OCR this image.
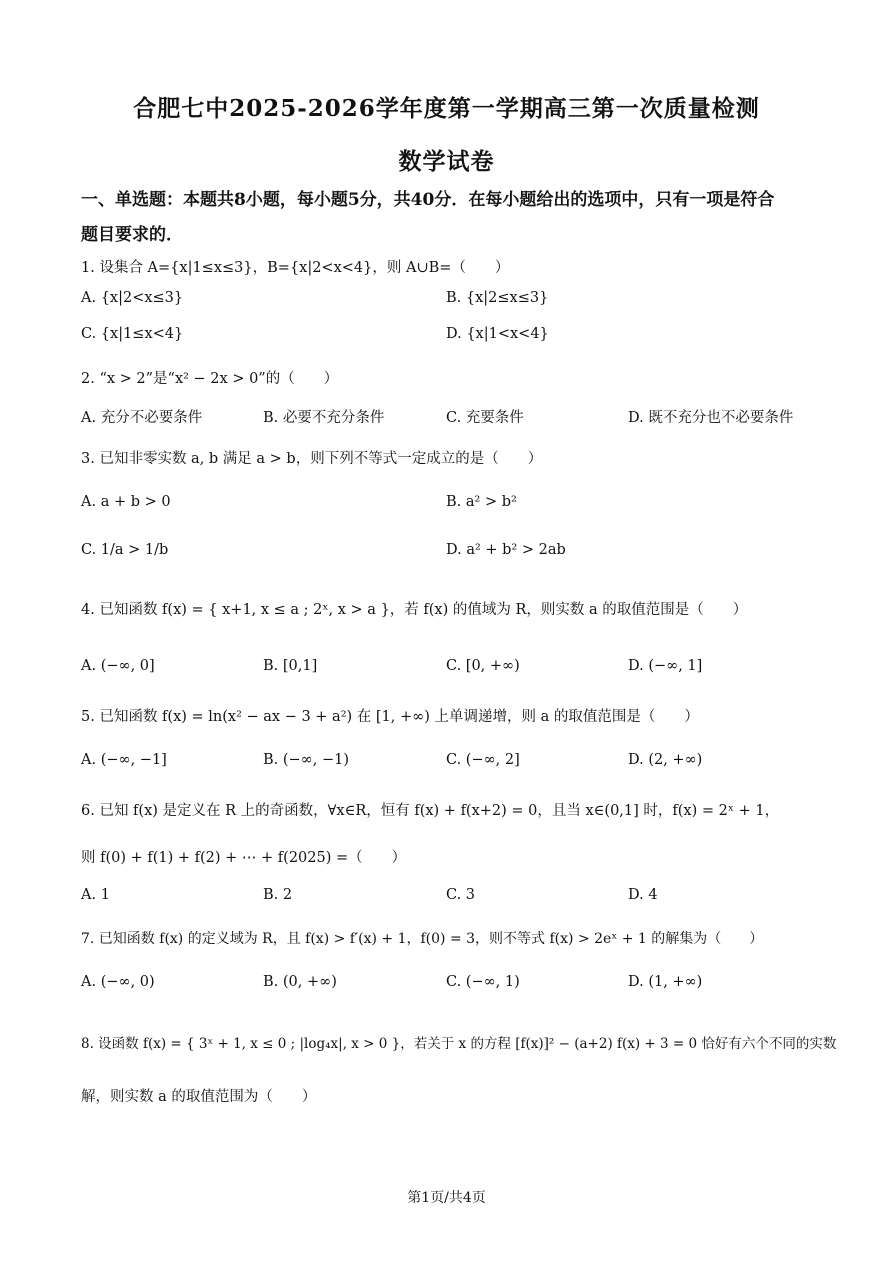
合肥七中2025-2026学年度第一学期高三第一次质量检测
数学试卷
一、单选题：本题共8小题，每小题5分，共40分．在每小题给出的选项中，只有一项是符合
题目要求的．
1. 设集合 A={x|1≤x≤3}，B={x|2<x<4}，则 A∪B=（　　）
A. {x|2<x≤3}	B. {x|2≤x≤3}
C. {x|1≤x<4}	D. {x|1<x<4}
2. “x > 2”是“x² − 2x > 0”的（　　）
A. 充分不必要条件	B. 必要不充分条件	C. 充要条件	D. 既不充分也不必要条件
3. 已知非零实数 a, b 满足 a > b，则下列不等式一定成立的是（　　）
A. a + b > 0	B. a² > b²
C. 1/a > 1/b	D. a² + b² > 2ab
4. 已知函数 f(x) = { x+1, x ≤ a ; 2ˣ, x > a }，若 f(x) 的值域为 R，则实数 a 的取值范围是（　　）
A. (−∞, 0]	B. [0,1]	C. [0, +∞)	D. (−∞, 1]
5. 已知函数 f(x) = ln(x² − ax − 3 + a²) 在 [1, +∞) 上单调递增，则 a 的取值范围是（　　）
A. (−∞, −1]	B. (−∞, −1)	C. (−∞, 2]	D. (2, +∞)
6. 已知 f(x) 是定义在 R 上的奇函数，∀x∈R，恒有 f(x) + f(x+2) = 0，且当 x∈(0,1] 时，f(x) = 2ˣ + 1，
则 f(0) + f(1) + f(2) + ⋯ + f(2025) =（　　）
A. 1	B. 2	C. 3	D. 4
7. 已知函数 f(x) 的定义域为 R，且 f(x) > f′(x) + 1，f(0) = 3，则不等式 f(x) > 2eˣ + 1 的解集为（　　）
A. (−∞, 0)	B. (0, +∞)	C. (−∞, 1)	D. (1, +∞)
8. 设函数 f(x) = { 3ˣ + 1, x ≤ 0 ; |log₄x|, x > 0 }，若关于 x 的方程 [f(x)]² − (a+2) f(x) + 3 = 0 恰好有六个不同的实数
解，则实数 a 的取值范围为（　　）
第1页/共4页
